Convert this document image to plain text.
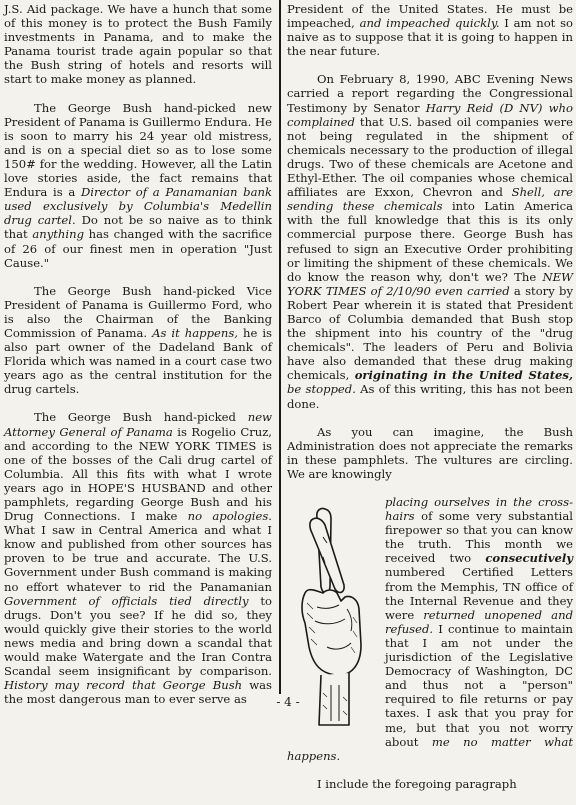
J.S. Aid package. We have a hunch that some of this money is to protect the Bush Family investments in Panama, and to make the Panama tourist trade again popular so that the Bush string of hotels and resorts will start to make money as planned.

The George Bush hand-picked new President of Panama is Guillermo Endura. He is soon to marry his 24 year old mistress, and is on a special diet so as to lose some 150# for the wedding. However, all the Latin love stories aside, the fact remains that Endura is a Director of a Panamanian bank used exclusively by Columbia's Medellin drug cartel. Do not be so naive as to think that anything has changed with the sacrifice of 26 of our finest men in operation "Just Cause."

The George Bush hand-picked Vice President of Panama is Guillermo Ford, who is also the Chairman of the Banking Commission of Panama. As it happens, he is also part owner of the Dadeland Bank of Florida which was named in a court case two years ago as the central institution for the drug cartels.

The George Bush hand-picked new Attorney General of Panama is Rogelio Cruz, and according to the NEW YORK TIMES is one of the bosses of the Cali drug cartel of Columbia. All this fits with what I wrote years ago in HOPE'S HUSBAND and other pamphlets, regarding George Bush and his Drug Connections. I make no apologies. What I saw in Central America and what I know and published from other sources has proven to be true and accurate. The U.S. Government under Bush command is making no effort whatever to rid the Panamanian Government of officials tied directly to drugs. Don't you see? If he did so, they would quickly give their stories to the world news media and bring down a scandal that would make Watergate and the Iran Contra Scandal seem insignificant by comparison. History may record that George Bush was the most dangerous man to ever serve as

President of the United States. He must be impeached, and impeached quickly. I am not so naive as to suppose that it is going to happen in the near future.

On February 8, 1990, ABC Evening News carried a report regarding the Congressional Testimony by Senator Harry Reid (D NV) who complained that U.S. based oil companies were not being regulated in the shipment of chemicals necessary to the production of illegal drugs. Two of these chemicals are Acetone and Ethyl-Ether. The oil companies whose chemical affiliates are Exxon, Chevron and Shell, are sending these chemicals into Latin America with the full knowledge that this is its only commercial purpose there. George Bush has refused to sign an Executive Order prohibiting or limiting the shipment of these chemicals. We do know the reason why, don't we? The NEW YORK TIMES of 2/10/90 even carried a story by Robert Pear wherein it is stated that President Barco of Columbia demanded that Bush stop the shipment into his country of the "drug chemicals". The leaders of Peru and Bolivia have also demanded that these drug making chemicals, originating in the United States, be stopped. As of this writing, this has not been done.

As you can imagine, the Bush Administration does not appreciate the remarks in these pamphlets. The vultures are circling. We are knowingly

placing ourselves in the cross-hairs of some very substantial firepower so that you can know the truth. This month we received two consecutively numbered Certified Letters from the Memphis, TN office of the Internal Revenue and they were returned unopened and refused. I continue to maintain that I am not under the jurisdiction of the Legislative Democracy of Washington, DC and thus not a "person" required to file returns or pay taxes. I ask that you pray for me, but that you not worry about me no matter what happens.

I include the foregoing paragraph

- 4 -
